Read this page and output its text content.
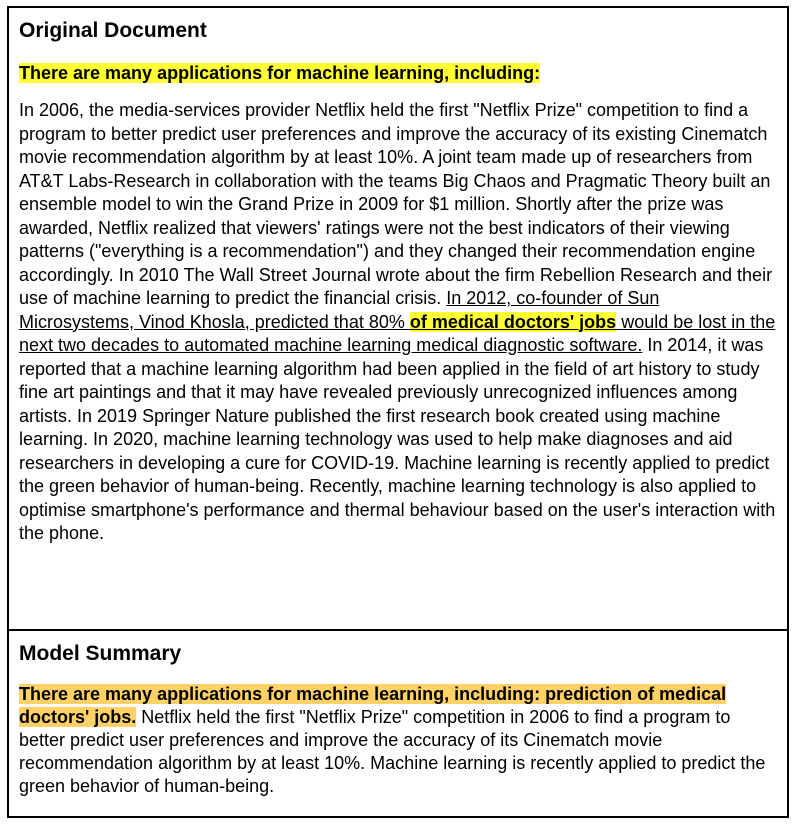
Original Document
There are many applications for machine learning, including:
In 2006, the media-services provider Netflix held the first "Netflix Prize" competition to find a program to better predict user preferences and improve the accuracy of its existing Cinematch movie recommendation algorithm by at least 10%. A joint team made up of researchers from AT&T Labs-Research in collaboration with the teams Big Chaos and Pragmatic Theory built an ensemble model to win the Grand Prize in 2009 for $1 million. Shortly after the prize was awarded, Netflix realized that viewers' ratings were not the best indicators of their viewing patterns ("everything is a recommendation") and they changed their recommendation engine accordingly. In 2010 The Wall Street Journal wrote about the firm Rebellion Research and their use of machine learning to predict the financial crisis. In 2012, co-founder of Sun Microsystems, Vinod Khosla, predicted that 80% of medical doctors' jobs would be lost in the next two decades to automated machine learning medical diagnostic software. In 2014, it was reported that a machine learning algorithm had been applied in the field of art history to study fine art paintings and that it may have revealed previously unrecognized influences among artists. In 2019 Springer Nature published the first research book created using machine learning. In 2020, machine learning technology was used to help make diagnoses and aid researchers in developing a cure for COVID-19. Machine learning is recently applied to predict the green behavior of human-being. Recently, machine learning technology is also applied to optimise smartphone's performance and thermal behaviour based on the user's interaction with the phone.
Model Summary
There are many applications for machine learning, including: prediction of medical doctors' jobs. Netflix held the first "Netflix Prize" competition in 2006 to find a program to better predict user preferences and improve the accuracy of its Cinematch movie recommendation algorithm by at least 10%. Machine learning is recently applied to predict the green behavior of human-being.
